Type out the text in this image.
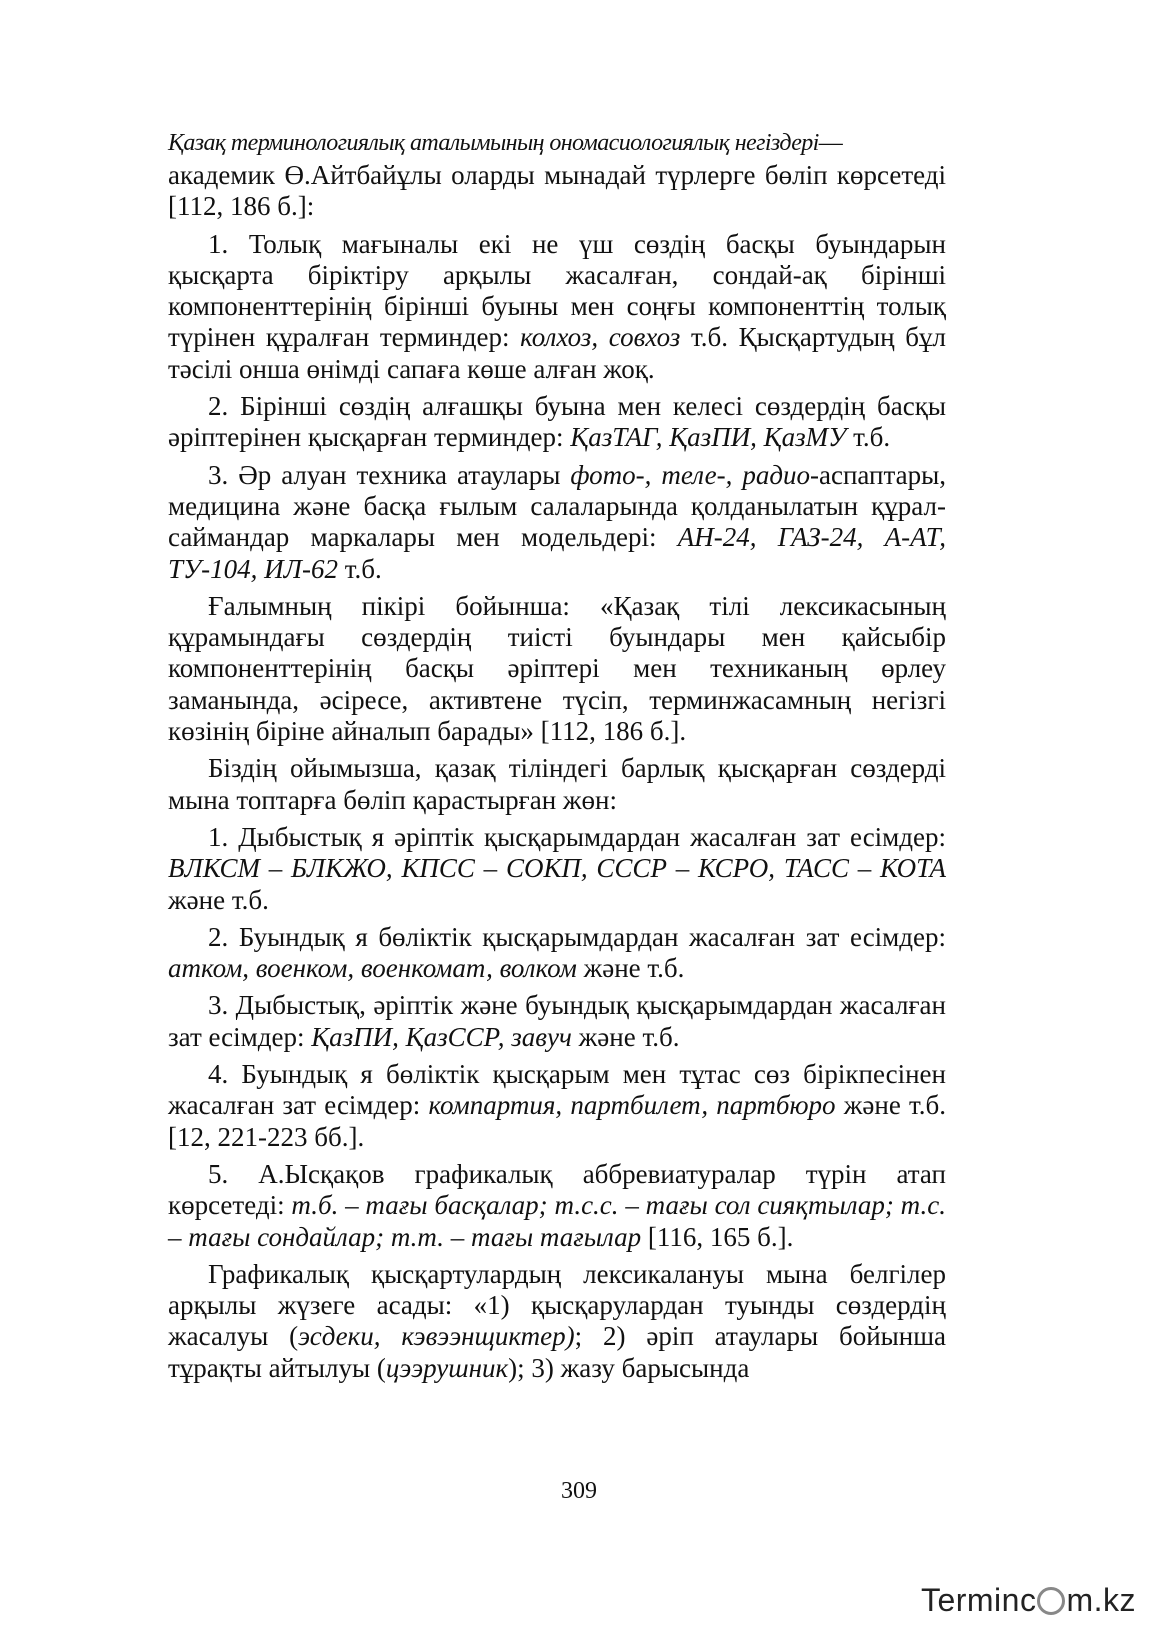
Қазақ терминологиялық аталымының ономасиологиялық негіздері—

академик Ө.Айтбайұлы оларды мынадай түрлерге бөліп көрсетеді [112, 186 б.]:

1. Толық мағыналы екі не үш сөздің басқы буындарын қысқарта біріктіру арқылы жасалған, сондай-ақ бірінші компоненттерінің бірінші буыны мен соңғы компоненттің толық түрінен құралған терминдер: колхоз, совхоз т.б. Қысқартудың бұл тәсілі онша өнімді сапаға көше алған жоқ.

2. Бірінші сөздің алғашқы буына мен келесі сөздердің басқы әріптерінен қысқарған терминдер: ҚазТАГ, ҚазПИ, ҚазМУ т.б.

3. Әр алуан техника атаулары фото-, теле-, радио-аспаптары, медицина және басқа ғылым салаларында қолданылатын құрал-саймандар маркалары мен модельдері: АН-24, ГАЗ-24, А-АТ, ТУ-104, ИЛ-62 т.б.

Ғалымның пікірі бойынша: «Қазақ тілі лексикасының құрамындағы сөздердің тиісті буындары мен қайсыбір компоненттерінің басқы әріптері мен техниканың өрлеу заманында, әсіресе, активтене түсіп, терминжасамның негізгі көзінің біріне айналып барады» [112, 186 б.].

Біздің ойымызша, қазақ тіліндегі барлық қысқарған сөздерді мына топтарға бөліп қарастырған жөн:

1. Дыбыстық я әріптік қысқарымдардан жасалған зат есімдер: ВЛКСМ – БЛКЖО, КПСС – СОКП, СССР – КСРО, ТАСС – КОТА және т.б.

2. Буындық я бөліктік қысқарымдардан жасалған зат есімдер: атком, военком, военкомат, волком және т.б.

3. Дыбыстық, әріптік және буындық қысқарымдардан жасалған зат есімдер: ҚазПИ, ҚазССР, завуч және т.б.

4. Буындық я бөліктік қысқарым мен тұтас сөз бірікпесінен жасалған зат есімдер: компартия, партбилет, партбюро және т.б. [12, 221-223 бб.].

5. А.Ысқақов графикалық аббревиатуралар түрін атап көрсетеді: т.б. – тағы басқалар; т.с.с. – тағы сол сияқтылар; т.с. – тағы сондайлар; т.т. – тағы тағылар [116, 165 б.].

Графикалық қысқартулардың лексикалануы мына белгілер арқылы жүзеге асады: «1) қысқарулардан туынды сөздердің жасалуы (эсдеки, кэвээнщиктер); 2) әріп атаулары бойынша тұрақты айтылуы (цээрушник); 3) жазу барысында

309
Terminc m.kz
